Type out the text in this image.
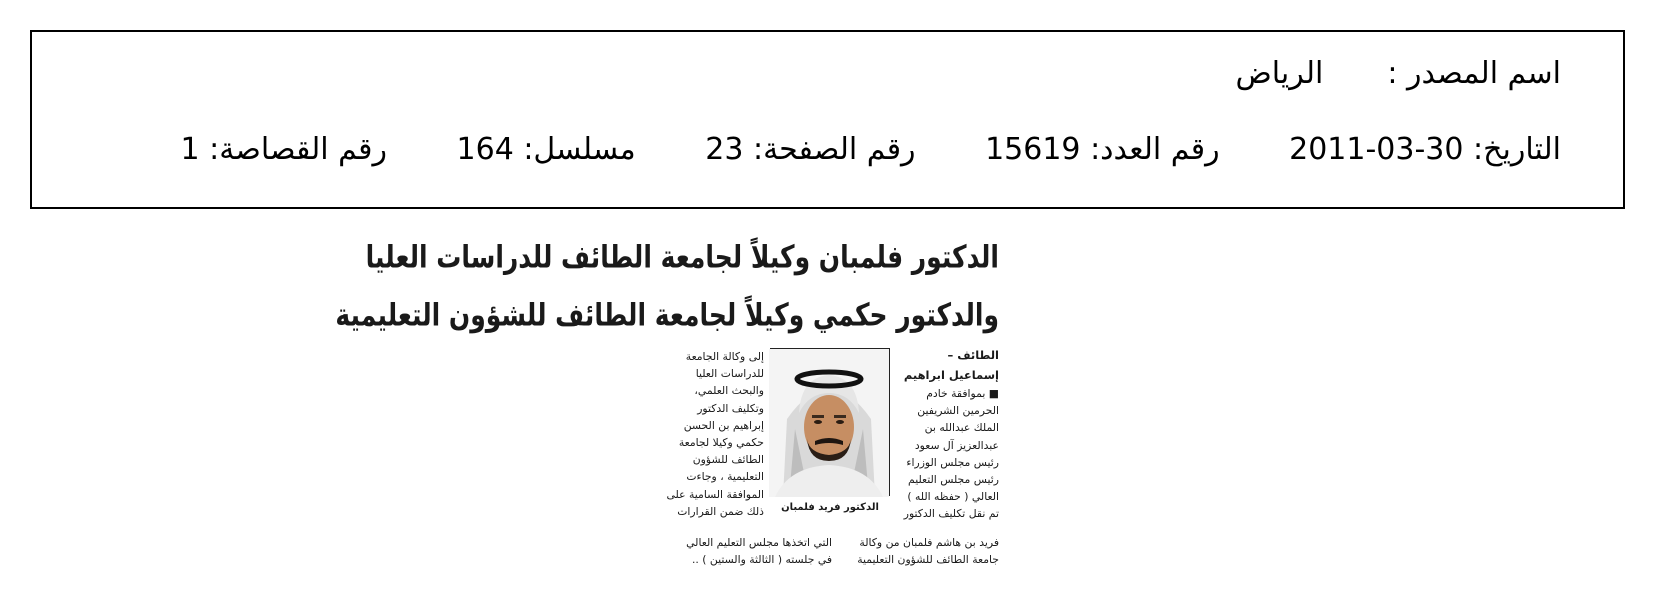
اسم المصدر :الرياض
التاريخ: 2011-03-30 رقم العدد: 15619 رقم الصفحة: 23 مسلسل: 164 رقم القصاصة: 1
الدكتور فلمبان وكيلاً لجامعة الطائف للدراسات العليا
والدكتور حكمي وكيلاً لجامعة الطائف للشؤون التعليمية
الطائف –
إسماعيل ابراهيم

■ بموافقة خادم

الحرمين الشريفين

الملك عبدالله بن

عبدالعزيز آل سعود

رئيس مجلس الوزراء

رئيس مجلس التعليم

العالي ( حفظه الله )

تم نقل تكليف الدكتور

الدكتور فريد فلمبان

إلى وكالة الجامعة

للدراسات العليا

والبحث العلمي،

وتكليف الدكتور

إبراهيم بن الحسن

حكمي وكيلا لجامعة

الطائف للشؤون

التعليمية ، وجاءت

الموافقة السامية على

ذلك ضمن القرارات

فريد بن هاشم فلمبان من وكالة

جامعة الطائف للشؤون التعليمية

التي اتخذها مجلس التعليم العالي

في جلسته ( الثالثة والستين ) ..
